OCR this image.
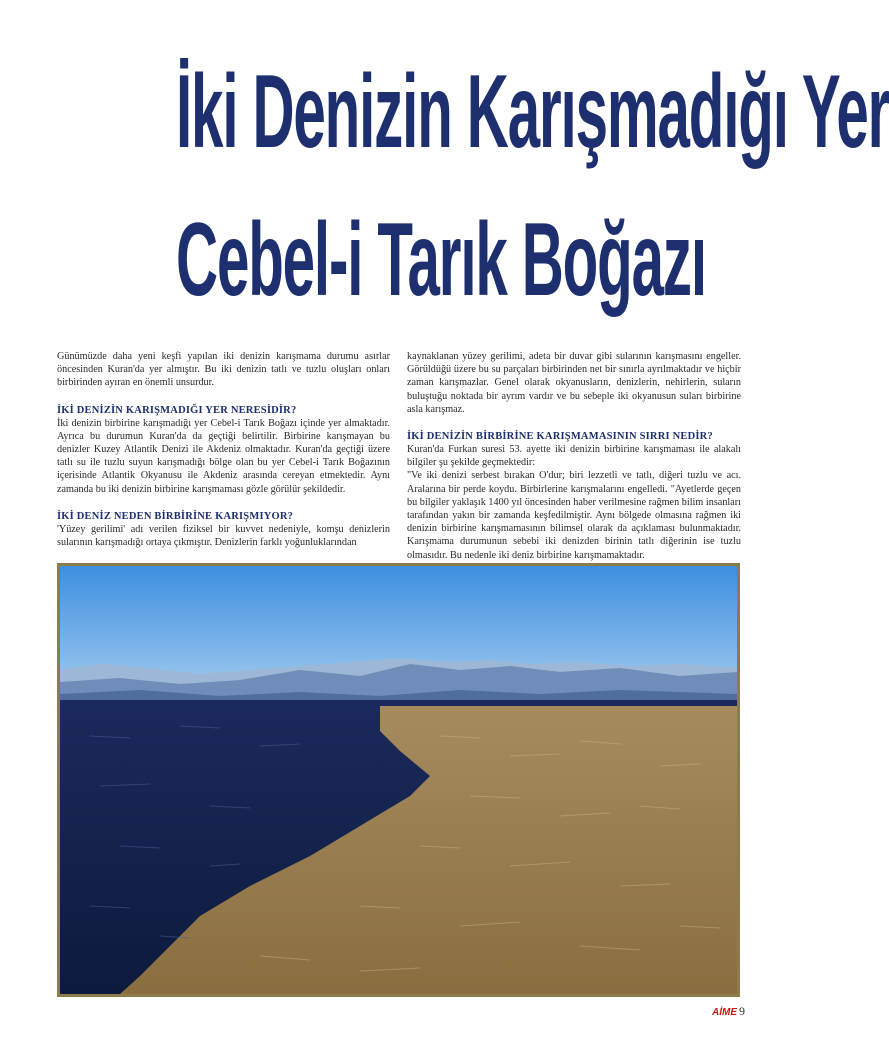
İki Denizin Karışmadığı Yer
Cebel-i Tarık Boğazı

Günümüzde daha yeni keşfi yapılan iki denizin karışmama durumu asırlar öncesinden Kuran'da yer almıştır. Bu iki denizin tatlı ve tuzlu oluşları onları birbirinden ayıran en önemli unsurdur.

İKİ DENİZİN KARIŞMADIĞI YER NERESİDİR?

İki denizin birbirine karışmadığı yer Cebel-i Tarık Boğazı içinde yer almaktadır. Ayrıca bu durumun Kuran'da da geçtiği belirtilir. Birbirine karışmayan bu denizler Kuzey Atlantik Denizi ile Akdeniz olmaktadır. Kuran'da geçtiği üzere tatlı su ile tuzlu suyun karışmadığı bölge olan bu yer Cebel-i Tarık Boğazının içerisinde Atlantik Okyanusu ile Akdeniz arasında cereyan etmektedir. Aynı zamanda bu iki denizin birbirine karışmaması gözle görülür şekildedir.

İKİ DENİZ NEDEN BİRBİRİNE KARIŞMIYOR?

'Yüzey gerilimi' adı verilen fiziksel bir kuvvet nedeniyle, komşu denizlerin sularının karışmadığı ortaya çıkmıştır. Denizlerin farklı yoğunluklarından

kaynaklanan yüzey gerilimi, adeta bir duvar gibi sularının karışmasını engeller. Görüldüğü üzere bu su parçaları birbirinden net bir sınırla ayrılmaktadır ve hiçbir zaman karışmazlar. Genel olarak okyanusların, denizlerin, nehirlerin, suların buluştuğu noktada bir ayrım vardır ve bu sebeple iki okyanusun suları birbirine asla karışmaz.

İKİ DENİZİN BİRBİRİNE KARIŞMAMASININ SIRRI NEDİR?

Kuran'da Furkan suresi 53. ayette iki denizin birbirine karışmaması ile alakalı bilgiler şu şekilde geçmektedir:

"Ve iki denizi serbest bırakan O'dur; biri lezzetli ve tatlı, diğeri tuzlu ve acı. Aralarına bir perde koydu. Birbirlerine karışmalarını engelledi. "Ayetlerde geçen bu bilgiler yaklaşık 1400 yıl öncesinden haber verilmesine rağmen bilim insanları tarafından yakın bir zamanda keşfedilmiştir. Aynı bölgede olmasına rağmen iki denizin birbirine karışmamasının bilimsel olarak da açıklaması bulunmaktadır. Karışmama durumunun sebebi iki denizden birinin tatlı diğerinin ise tuzlu olmasıdır. Bu nedenle iki deniz birbirine karışmamaktadır.

AİME 9
